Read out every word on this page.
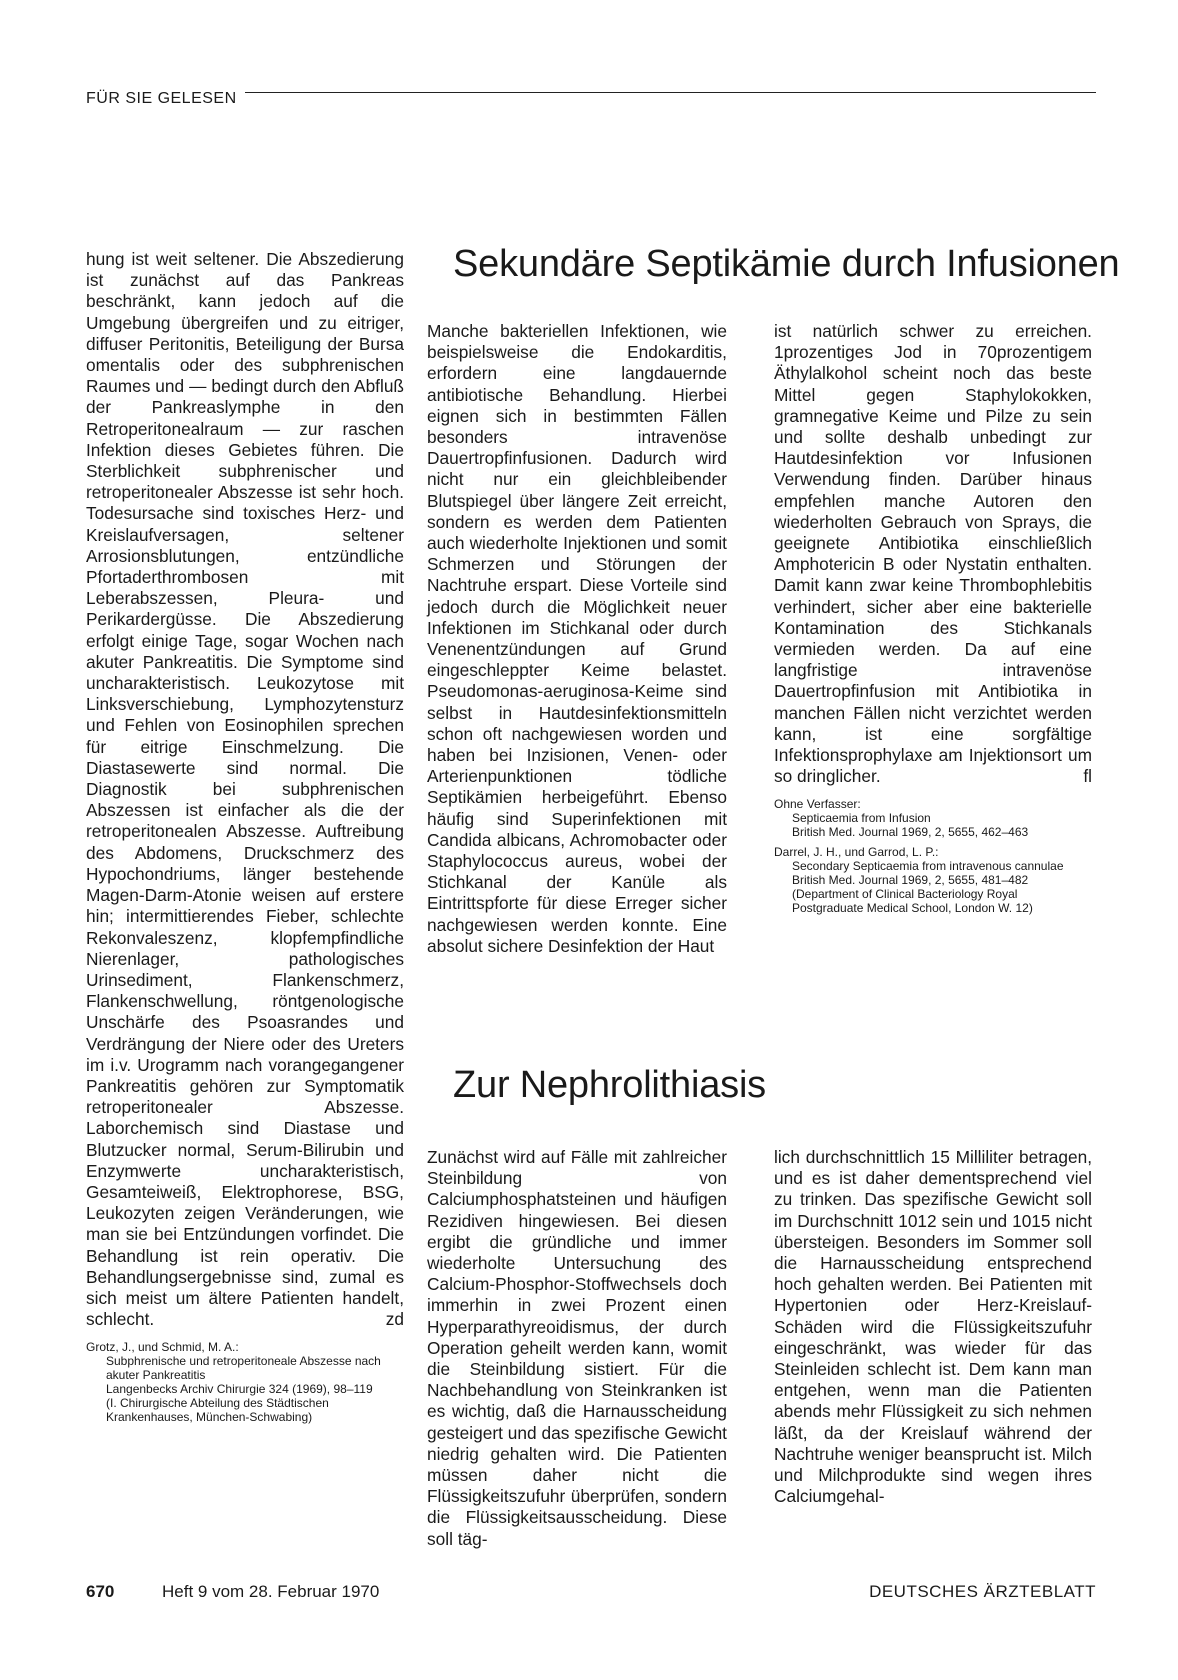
FÜR SIE GELESEN

hung ist weit seltener. Die Abszedierung ist zunächst auf das Pankreas beschränkt, kann jedoch auf die Umgebung übergreifen und zu eitriger, diffuser Peritonitis, Beteiligung der Bursa omentalis oder des subphrenischen Raumes und — bedingt durch den Abfluß der Pankreaslymphe in den Retroperitonealraum — zur raschen Infektion dieses Gebietes führen. Die Sterblichkeit subphrenischer und retroperitonealer Abszesse ist sehr hoch. Todesursache sind toxisches Herz- und Kreislaufversagen, seltener Arrosionsblutungen, entzündliche Pfortaderthrombosen mit Leberabszessen, Pleura- und Perikardergüsse. Die Abszedierung erfolgt einige Tage, sogar Wochen nach akuter Pankreatitis. Die Symptome sind uncharakteristisch. Leukozytose mit Linksverschiebung, Lymphozytensturz und Fehlen von Eosinophilen sprechen für eitrige Einschmelzung. Die Diastasewerte sind normal. Die Diagnostik bei subphrenischen Abszessen ist einfacher als die der retroperitonealen Abszesse. Auftreibung des Abdomens, Druckschmerz des Hypochondriums, länger bestehende Magen-Darm-Atonie weisen auf erstere hin; intermittierendes Fieber, schlechte Rekonvaleszenz, klopfempfindliche Nierenlager, pathologisches Urinsediment, Flankenschmerz, Flankenschwellung, röntgenologische Unschärfe des Psoasrandes und Verdrängung der Niere oder des Ureters im i.v. Urogramm nach vorangegangener Pankreatitis gehören zur Symptomatik retroperitonealer Abszesse. Laborchemisch sind Diastase und Blutzucker normal, Serum-Bilirubin und Enzymwerte uncharakteristisch, Gesamteiweiß, Elektrophorese, BSG, Leukozyten zeigen Veränderungen, wie man sie bei Entzündungen vorfindet. Die Behandlung ist rein operativ. Die Behandlungsergebnisse sind, zumal es sich meist um ältere Patienten handelt, schlecht.	zd

Grotz, J., und Schmid, M. A.:
Subphrenische und retroperitoneale Abszesse nach akuter Pankreatitis
Langenbecks Archiv Chirurgie 324 (1969), 98–119
(I. Chirurgische Abteilung des Städtischen Krankenhauses, München-Schwabing)
Sekundäre Septikämie durch Infusionen

Manche bakteriellen Infektionen, wie beispielsweise die Endokarditis, erfordern eine langdauernde antibiotische Behandlung. Hierbei eignen sich in bestimmten Fällen besonders intravenöse Dauertropfinfusionen. Dadurch wird nicht nur ein gleichbleibender Blutspiegel über längere Zeit erreicht, sondern es werden dem Patienten auch wiederholte Injektionen und somit Schmerzen und Störungen der Nachtruhe erspart. Diese Vorteile sind jedoch durch die Möglichkeit neuer Infektionen im Stichkanal oder durch Venenentzündungen auf Grund eingeschleppter Keime belastet. Pseudomonas-aeruginosa-Keime sind selbst in Hautdesinfektionsmitteln schon oft nachgewiesen worden und haben bei Inzisionen, Venen- oder Arterienpunktionen tödliche Septikämien herbeigeführt. Ebenso häufig sind Superinfektionen mit Candida albicans, Achromobacter oder Staphylococcus aureus, wobei der Stichkanal der Kanüle als Eintrittspforte für diese Erreger sicher nachgewiesen werden konnte. Eine absolut sichere Desinfektion der Haut

ist natürlich schwer zu erreichen. 1prozentiges Jod in 70prozentigem Äthylalkohol scheint noch das beste Mittel gegen Staphylokokken, gramnegative Keime und Pilze zu sein und sollte deshalb unbedingt zur Hautdesinfektion vor Infusionen Verwendung finden. Darüber hinaus empfehlen manche Autoren den wiederholten Gebrauch von Sprays, die geeignete Antibiotika einschließlich Amphotericin B oder Nystatin enthalten. Damit kann zwar keine Thrombophlebitis verhindert, sicher aber eine bakterielle Kontamination des Stichkanals vermieden werden. Da auf eine langfristige intravenöse Dauertropfinfusion mit Antibiotika in manchen Fällen nicht verzichtet werden kann, ist eine sorgfältige Infektionsprophylaxe am Injektionsort um so dringlicher.	fl

Ohne Verfasser:
Septicaemia from Infusion
British Med. Journal 1969, 2, 5655, 462–463
Darrel, J. H., und Garrod, L. P.:
Secondary Septicaemia from intravenous cannulae
British Med. Journal 1969, 2, 5655, 481–482
(Department of Clinical Bacteriology Royal Postgraduate Medical School, London W. 12)
Zur Nephrolithiasis

Zunächst wird auf Fälle mit zahlreicher Steinbildung von Calciumphosphatsteinen und häufigen Rezidiven hingewiesen. Bei diesen ergibt die gründliche und immer wiederholte Untersuchung des Calcium-Phosphor-Stoffwechsels doch immerhin in zwei Prozent einen Hyperparathyreoidismus, der durch Operation geheilt werden kann, womit die Steinbildung sistiert. Für die Nachbehandlung von Steinkranken ist es wichtig, daß die Harnausscheidung gesteigert und das spezifische Gewicht niedrig gehalten wird. Die Patienten müssen daher nicht die Flüssigkeitszufuhr überprüfen, sondern die Flüssigkeitsausscheidung. Diese soll täg-

lich durchschnittlich 15 Milliliter betragen, und es ist daher dementsprechend viel zu trinken. Das spezifische Gewicht soll im Durchschnitt 1012 sein und 1015 nicht übersteigen. Besonders im Sommer soll die Harnausscheidung entsprechend hoch gehalten werden. Bei Patienten mit Hypertonien oder Herz-Kreislauf-Schäden wird die Flüssigkeitszufuhr eingeschränkt, was wieder für das Steinleiden schlecht ist. Dem kann man entgehen, wenn man die Patienten abends mehr Flüssigkeit zu sich nehmen läßt, da der Kreislauf während der Nachtruhe weniger beansprucht ist. Milch und Milchprodukte sind wegen ihres Calciumgehal-

670	Heft 9 vom 28. Februar 1970	DEUTSCHES ÄRZTEBLATT
